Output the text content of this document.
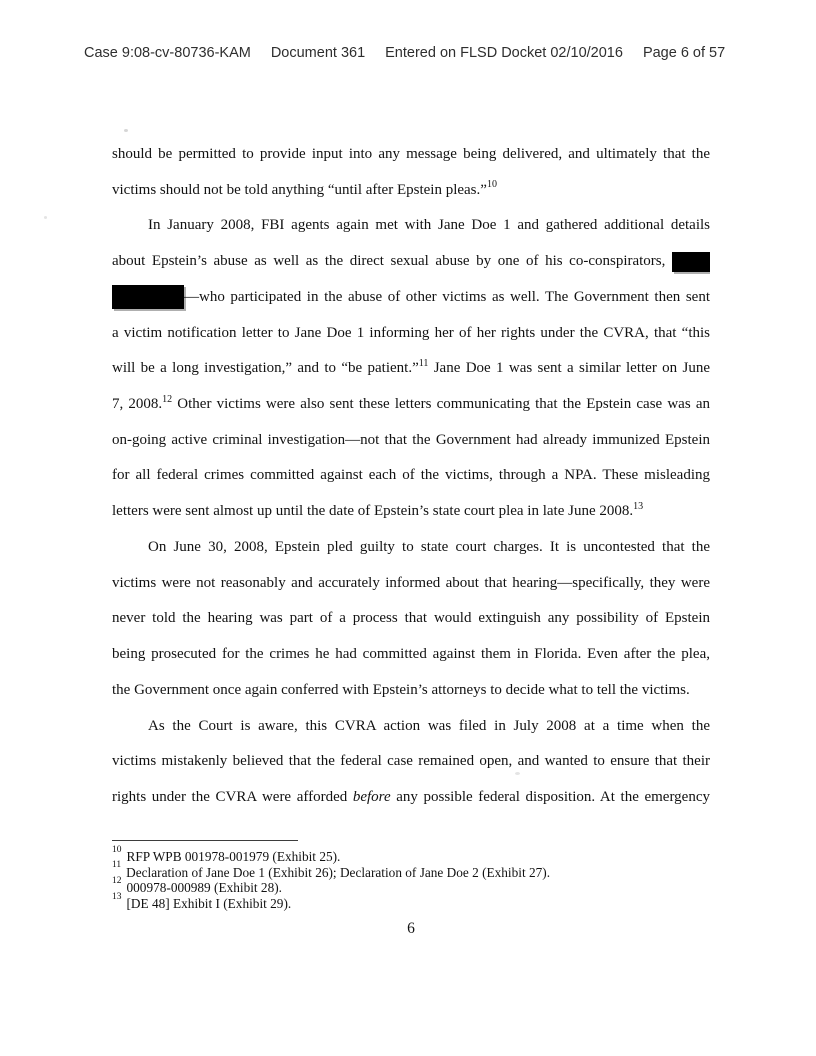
Case 9:08-cv-80736-KAM Document 361 Entered on FLSD Docket 02/10/2016 Page 6 of 57
should be permitted to provide input into any message being delivered, and ultimately that the
victims should not be told anything “until after Epstein pleas.”$^{10}$
In January 2008, FBI agents again met with Jane Doe 1 and gathered additional details
about Epstein’s abuse as well as the direct sexual abuse by one of his co-conspirators,
—who participated in the abuse of other victims as well. The Government then sent
a victim notification letter to Jane Doe 1 informing her of her rights under the CVRA, that “this
will be a long investigation,” and to “be patient.”$^{11}$ Jane Doe 1 was sent a similar letter on June
7, 2008.12 Other victims were also sent these letters communicating that the Epstein case was an
on-going active criminal investigation—not that the Government had already immunized Epstein
for all federal crimes committed against each of the victims, through a NPA. These misleading
letters were sent almost up until the date of Epstein’s state court plea in late June 2008.13
On June 30, 2008, Epstein pled guilty to state court charges. It is uncontested that the
victims were not reasonably and accurately informed about that hearing—specifically, they were
never told the hearing was part of a process that would extinguish any possibility of Epstein
being prosecuted for the crimes he had committed against them in Florida. Even after the plea,
the Government once again conferred with Epstein’s attorneys to decide what to tell the victims.
As the Court is aware, this CVRA action was filed in July 2008 at a time when the
victims mistakenly believed that the federal case remained open, and wanted to ensure that their
rights under the CVRA were afforded before any possible federal disposition. At the emergency
$^{10}$ RFP WPB 001978-001979 (Exhibit 25).
$^{11}$ Declaration of Jane Doe 1 (Exhibit 26); Declaration of Jane Doe 2 (Exhibit 27).
$^{12}$ 000978-000989 (Exhibit 28).
$^{13}$ [DE 48] Exhibit I (Exhibit 29).
6
